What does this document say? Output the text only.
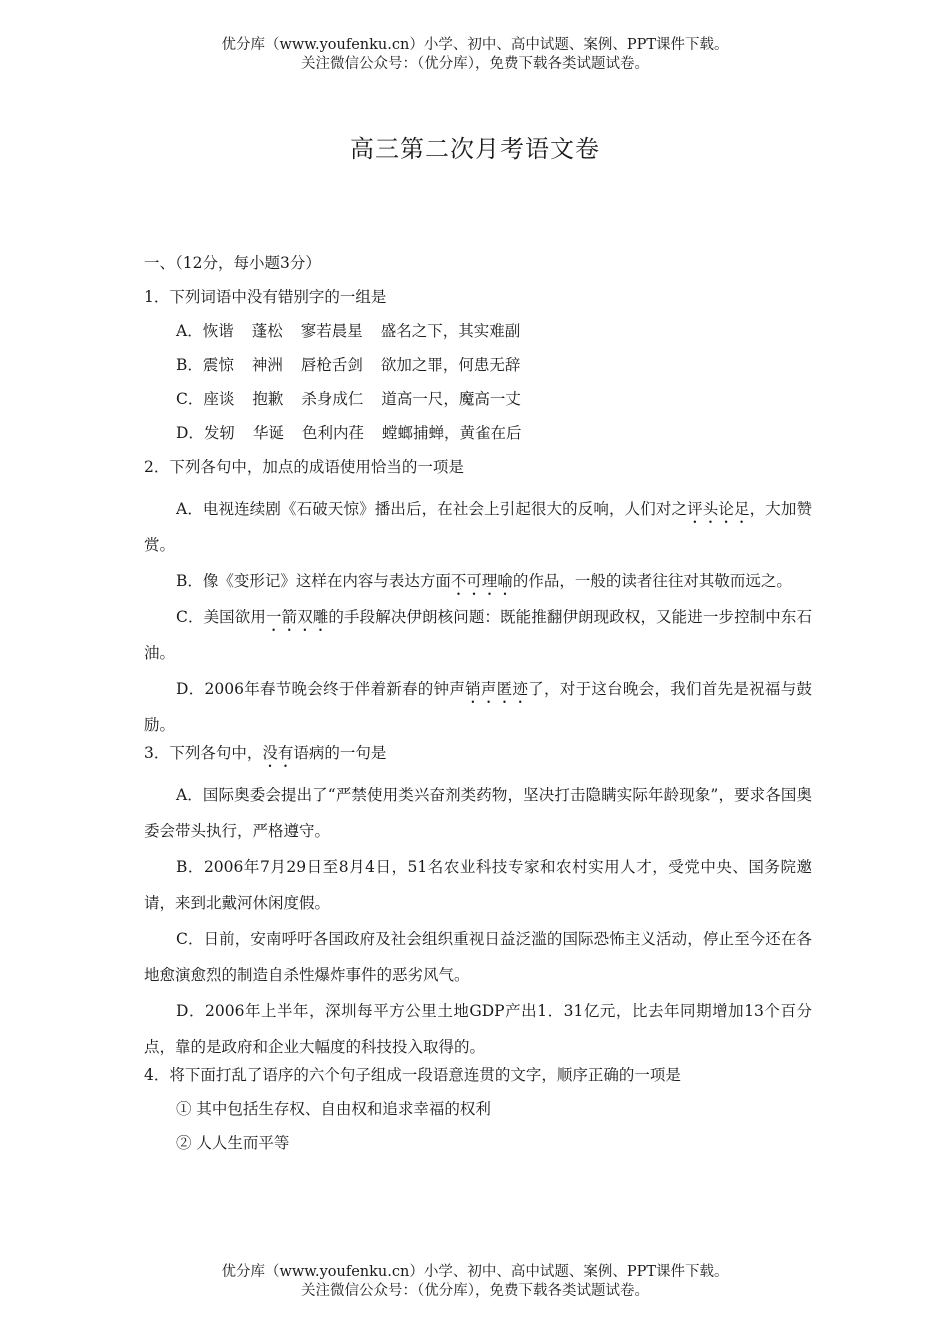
优分库（www.youfenku.cn）小学、初中、高中试题、案例、PPT课件下载。
关注微信公众号：（优分库），免费下载各类试题试卷。
高三第二次月考语文卷
一、（12分，每小题3分）
1．下列词语中没有错别字的一组是
A．恢谐 蓬松 寥若晨星 盛名之下，其实难副
B．震惊 神洲 唇枪舌剑 欲加之罪，何患无辞
C．座谈 抱歉 杀身成仁 道高一尺，魔高一丈
D．发轫 华诞 色利内荏 螳螂捕蝉，黄雀在后
2．下列各句中，加点的成语使用恰当的一项是
A．电视连续剧《石破天惊》播出后，在社会上引起很大的反响，人们对之评头论足，大加赞赏。
B．像《变形记》这样在内容与表达方面不可理喻的作品，一般的读者往往对其敬而远之。
C．美国欲用一箭双雕的手段解决伊朗核问题：既能推翻伊朗现政权，又能进一步控制中东石油。
D．2006年春节晚会终于伴着新春的钟声销声匿迹了，对于这台晚会，我们首先是祝福与鼓励。
3．下列各句中，没有语病的一句是
A．国际奥委会提出了“严禁使用类兴奋剂类药物，坚决打击隐瞒实际年龄现象”，要求各国奥委会带头执行，严格遵守。
B．2006年7月29日至8月4日，51名农业科技专家和农村实用人才，受党中央、国务院邀请，来到北戴河休闲度假。
C．日前，安南呼吁各国政府及社会组织重视日益泛滥的国际恐怖主义活动，停止至今还在各地愈演愈烈的制造自杀性爆炸事件的恶劣风气。
D．2006年上半年，深圳每平方公里土地GDP产出1．31亿元，比去年同期增加13个百分点，靠的是政府和企业大幅度的科技投入取得的。
4．将下面打乱了语序的六个句子组成一段语意连贯的文字，顺序正确的一项是
① 其中包括生存权、自由权和追求幸福的权利
② 人人生而平等
优分库（www.youfenku.cn）小学、初中、高中试题、案例、PPT课件下载。
关注微信公众号：（优分库），免费下载各类试题试卷。
